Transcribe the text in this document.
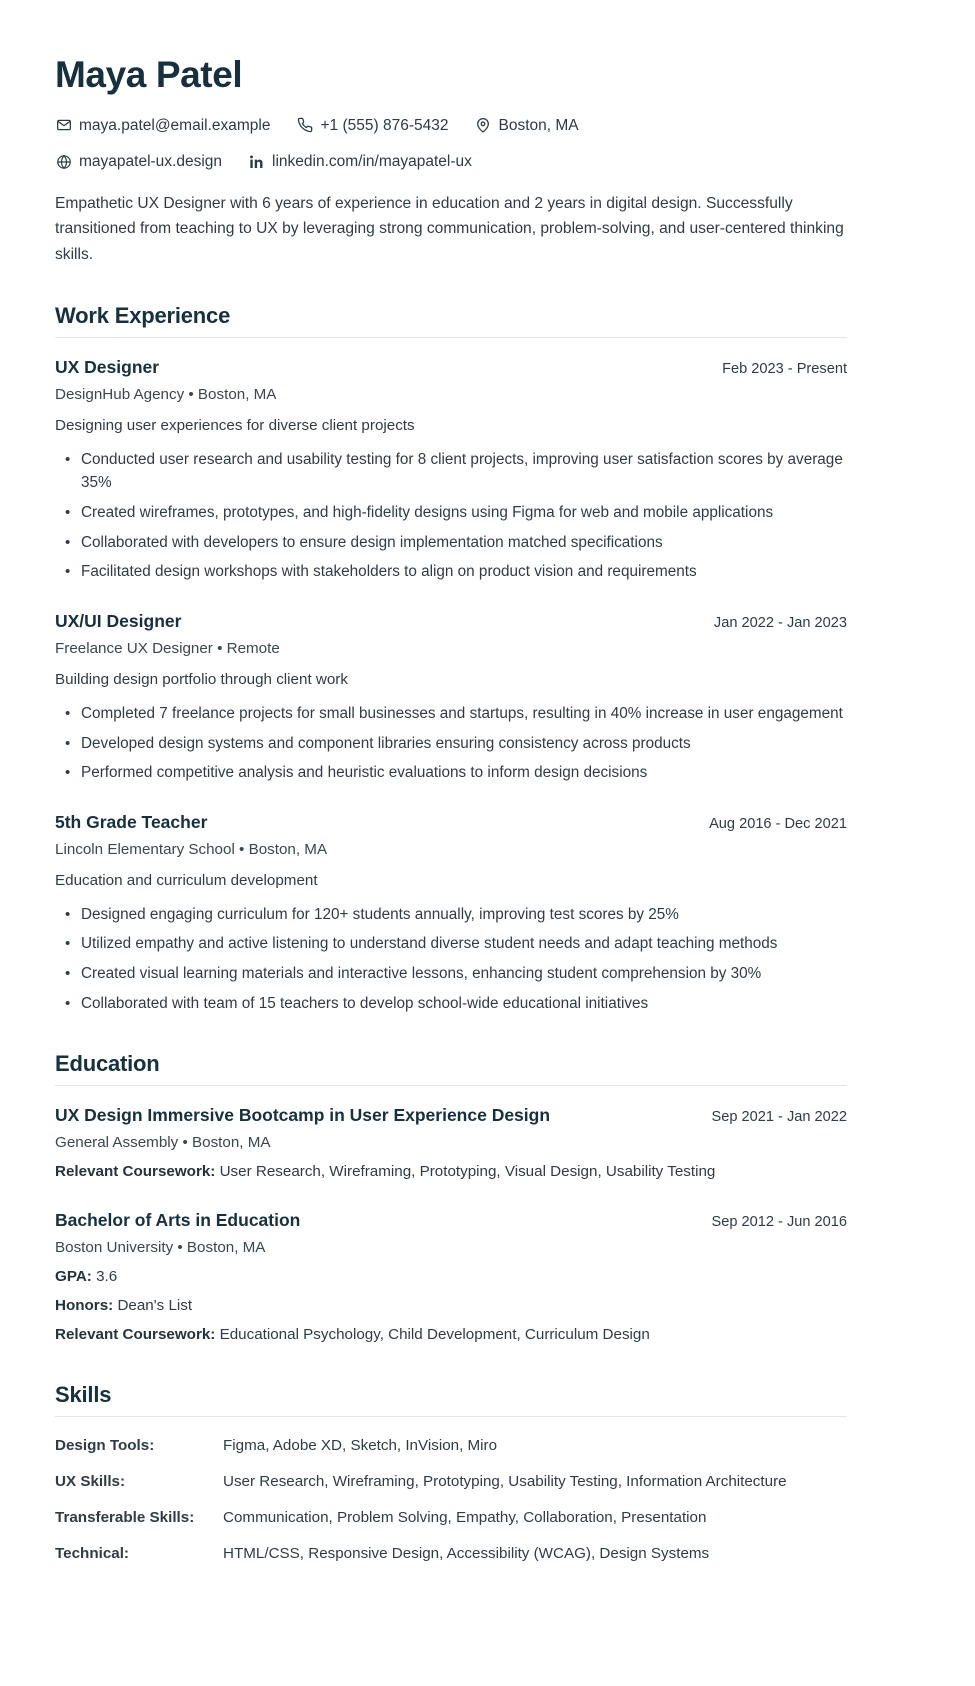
Maya Patel
maya.patel@email.example	+1 (555) 876-5432	Boston, MA
mayapatel-ux.design	linkedin.com/in/mayapatel-ux

Empathetic UX Designer with 6 years of experience in education and 2 years in digital design. Successfully transitioned from teaching to UX by leveraging strong communication, problem-solving, and user-centered thinking skills.

Work Experience
UX Designer	Feb 2023 - Present
DesignHub Agency • Boston, MA
Designing user experiences for diverse client projects
• Conducted user research and usability testing for 8 client projects, improving user satisfaction scores by average 35%
• Created wireframes, prototypes, and high-fidelity designs using Figma for web and mobile applications
• Collaborated with developers to ensure design implementation matched specifications
• Facilitated design workshops with stakeholders to align on product vision and requirements
UX/UI Designer	Jan 2022 - Jan 2023
Freelance UX Designer • Remote
Building design portfolio through client work
• Completed 7 freelance projects for small businesses and startups, resulting in 40% increase in user engagement
• Developed design systems and component libraries ensuring consistency across products
• Performed competitive analysis and heuristic evaluations to inform design decisions
5th Grade Teacher	Aug 2016 - Dec 2021
Lincoln Elementary School • Boston, MA
Education and curriculum development
• Designed engaging curriculum for 120+ students annually, improving test scores by 25%
• Utilized empathy and active listening to understand diverse student needs and adapt teaching methods
• Created visual learning materials and interactive lessons, enhancing student comprehension by 30%
• Collaborated with team of 15 teachers to develop school-wide educational initiatives
Education
UX Design Immersive Bootcamp in User Experience Design	Sep 2021 - Jan 2022
General Assembly • Boston, MA
Relevant Coursework: User Research, Wireframing, Prototyping, Visual Design, Usability Testing
Bachelor of Arts in Education	Sep 2012 - Jun 2016
Boston University • Boston, MA
GPA: 3.6
Honors: Dean's List
Relevant Coursework: Educational Psychology, Child Development, Curriculum Design
Skills
Design Tools:	Figma, Adobe XD, Sketch, InVision, Miro
UX Skills:	User Research, Wireframing, Prototyping, Usability Testing, Information Architecture
Transferable Skills:	Communication, Problem Solving, Empathy, Collaboration, Presentation
Technical:	HTML/CSS, Responsive Design, Accessibility (WCAG), Design Systems
